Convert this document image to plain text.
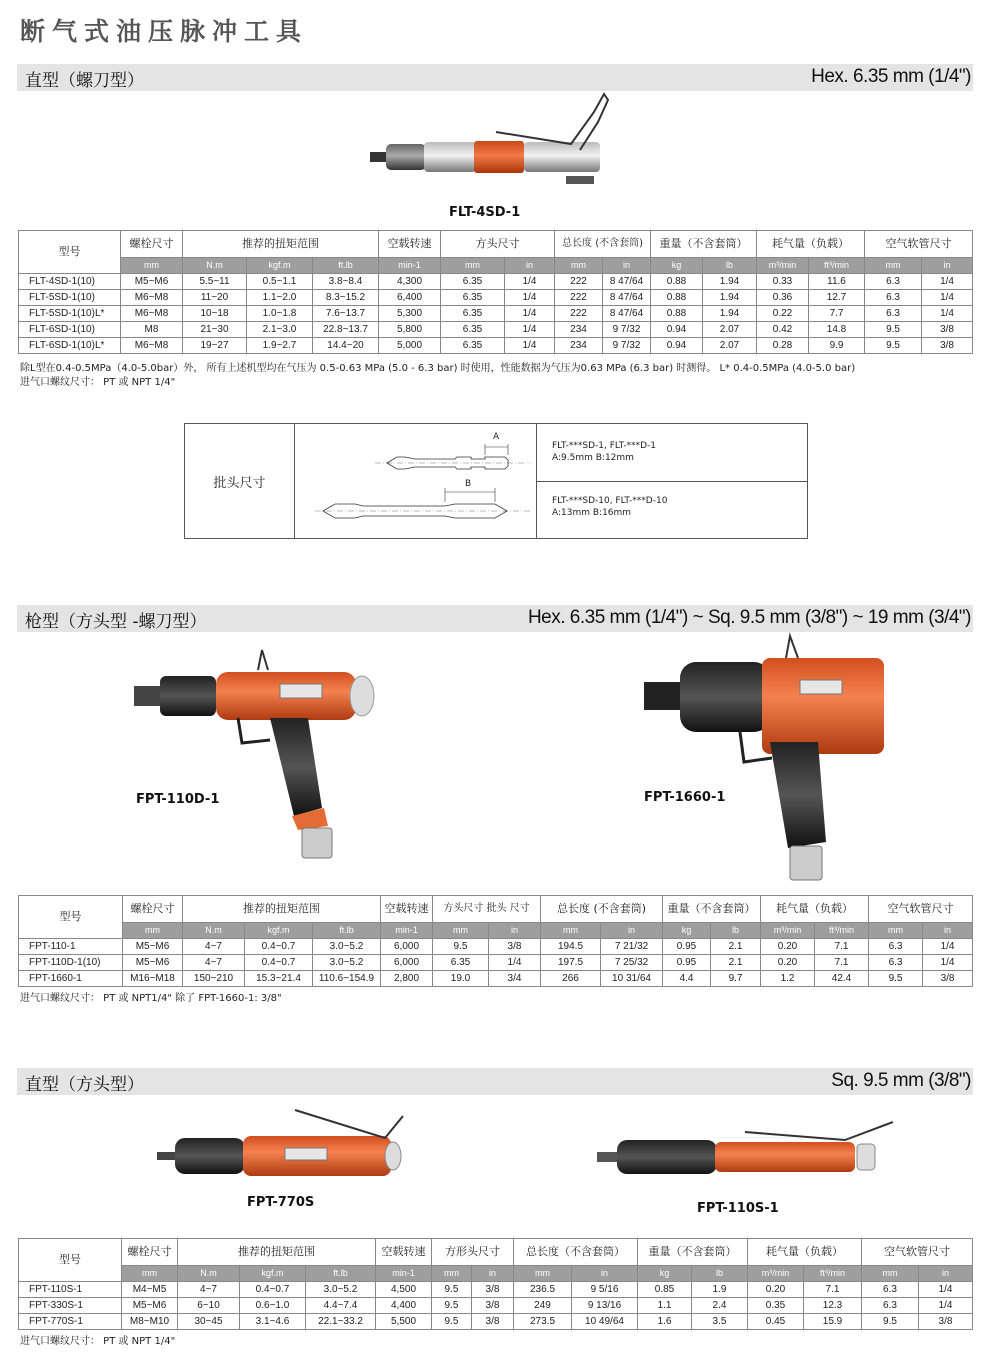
断气式油压脉冲工具
直型（螺刀型）	Hex. 6.35 mm (1/4")
FLT-4SD-1
型号	螺栓尺寸	推荐的扭矩范围			空载转速	方头尺寸		总长度 (不含套筒)		重量（不含套筒）		耗气量（负载）		空气软管尺寸	
	mm	N.m	kgf.m	ft.lb	min-1	mm	in	mm	in	kg	lb	m³/min	ft³/min	mm	in
FLT-4SD-1(10)	M5~M6	5.5~11	0.5~1.1	3.8~8.4	4,300	6.35	1/4	222	8 47/64	0.88	1.94	0.33	11.6	6.3	1/4
FLT-5SD-1(10)	M6~M8	11~20	1.1~2.0	8.3~15.2	6,400	6.35	1/4	222	8 47/64	0.88	1.94	0.36	12.7	6.3	1/4
FLT-5SD-1(10)L*	M6~M8	10~18	1.0~1.8	7.6~13.7	5,300	6.35	1/4	222	8 47/64	0.88	1.94	0.22	7.7	6.3	1/4
FLT-6SD-1(10)	M8	21~30	2.1~3.0	22.8~13.7	5,800	6.35	1/4	234	9 7/32	0.94	2.07	0.42	14.8	9.5	3/8
FLT-6SD-1(10)L*	M6~M8	19~27	1.9~2.7	14.4~20	5,000	6.35	1/4	234	9 7/32	0.94	2.07	0.28	9.9	9.5	3/8
除L型在0.4-0.5MPa（4.0-5.0bar）外， 所有上述机型均在气压为 0.5-0.63 MPa (5.0 - 6.3 bar) 时使用，性能数据为气压为0.63 MPa (6.3 bar) 时测得。 L* 0.4-0.5MPa (4.0-5.0 bar)
进气口螺纹尺寸： PT 或 NPT 1/4"
批头尺寸
A
B
FLT-***SD-1, FLT-***D-1
A:9.5mm B:12mm
FLT-***SD-10, FLT-***D-10
A:13mm B:16mm
枪型（方头型 -螺刀型）	Hex. 6.35 mm (1/4") ~ Sq. 9.5 mm (3/8") ~ 19 mm (3/4")
FPT-110D-1	FPT-1660-1
型号	螺栓尺寸	推荐的扭矩范围			空载转速	方头尺寸 批头 尺寸		总长度 (不含套筒)		重量（不含套筒）		耗气量（负载）		空气软管尺寸	
	mm	N.m	kgf.m	ft.lb	min-1	mm	in	mm	in	kg	lb	m³/min	ft³/min	mm	in
FPT-110-1	M5~M6	4~7	0.4~0.7	3.0~5.2	6,000	9.5	3/8	194.5	7 21/32	0.95	2.1	0.20	7.1	6.3	1/4
FPT-110D-1(10)	M5~M6	4~7	0.4~0.7	3.0~5.2	6,000	6.35	1/4	197.5	7 25/32	0.95	2.1	0.20	7.1	6.3	1/4
FPT-1660-1	M16~M18	150~210	15.3~21.4	110.6~154.9	2,800	19.0	3/4	266	10 31/64	4.4	9.7	1.2	42.4	9.5	3/8
进气口螺纹尺寸： PT 或 NPT1/4" 除了 FPT-1660-1: 3/8"
直型（方头型）	Sq. 9.5 mm (3/8")
FPT-770S	FPT-110S-1
型号	螺栓尺寸	推荐的扭矩范围			空载转速	方形头尺寸		总长度（不含套筒）		重量（不含套筒）		耗气量（负载）		空气软管尺寸	
	mm	N.m	kgf.m	ft.lb	min-1	mm	in	mm	in	kg	lb	m³/min	ft³/min	mm	in
FPT-110S-1	M4~M5	4~7	0.4~0.7	3.0~5.2	4,500	9.5	3/8	236.5	9 5/16	0.85	1.9	0.20	7.1	6.3	1/4
FPT-330S-1	M5~M6	6~10	0.6~1.0	4.4~7.4	4,400	9.5	3/8	249	9 13/16	1.1	2.4	0.35	12.3	6.3	1/4
FPT-770S-1	M8~M10	30~45	3.1~4.6	22.1~33.2	5,500	9.5	3/8	273.5	10 49/64	1.6	3.5	0.45	15.9	9.5	3/8
进气口螺纹尺寸： PT 或 NPT 1/4"
